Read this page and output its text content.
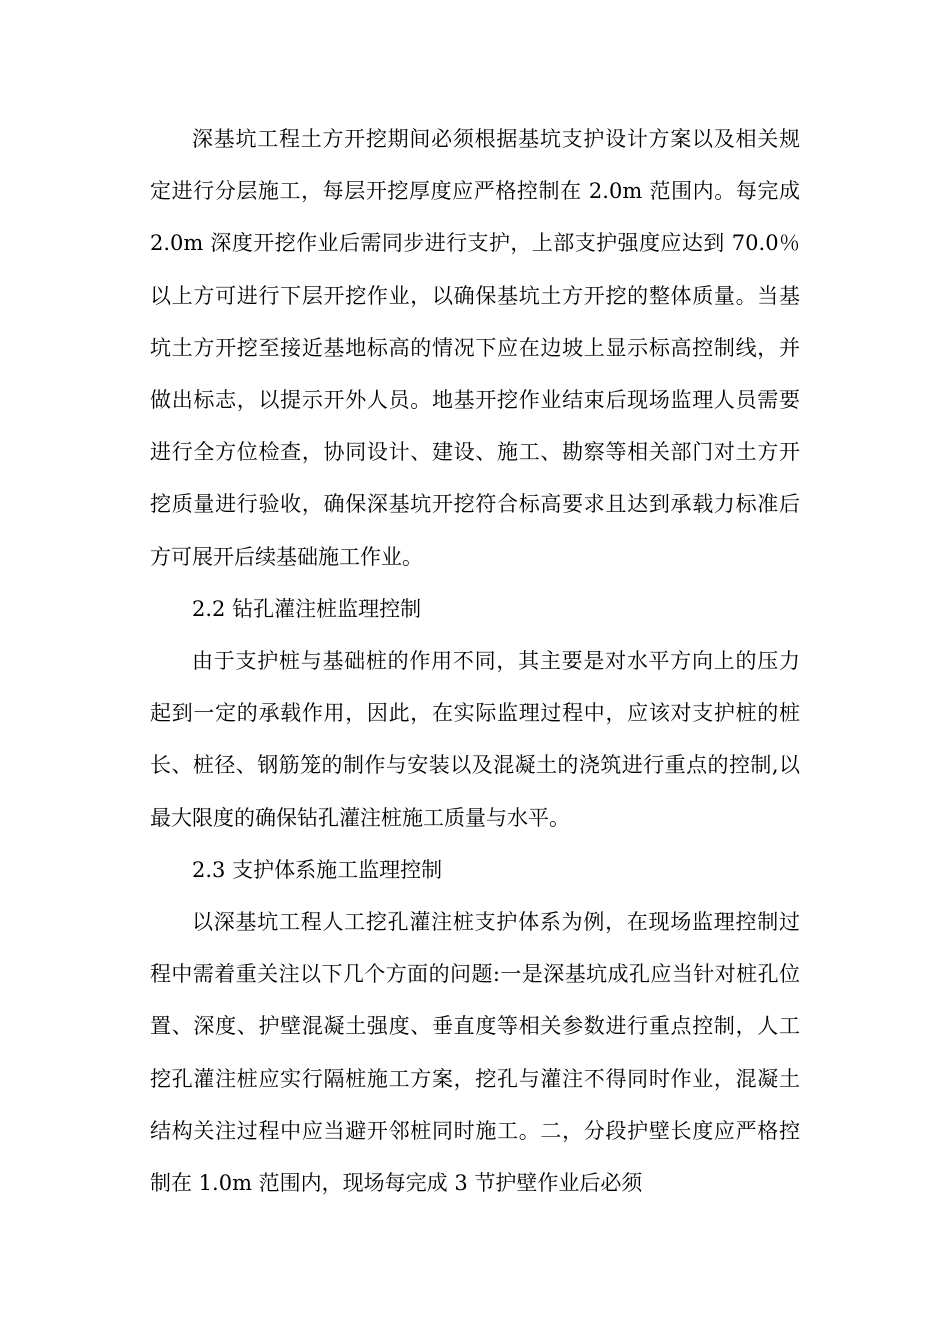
深基坑工程土方开挖期间必须根据基坑支护设计方案以及相关规定进行分层施工，每层开挖厚度应严格控制在 2.0m 范围内。每完成 2.0m 深度开挖作业后需同步进行支护，上部支护强度应达到 70.0％以上方可进行下层开挖作业，以确保基坑土方开挖的整体质量。当基坑土方开挖至接近基地标高的情况下应在边坡上显示标高控制线，并做出标志，以提示开外人员。地基开挖作业结束后现场监理人员需要进行全方位检查，协同设计、建设、施工、勘察等相关部门对土方开挖质量进行验收，确保深基坑开挖符合标高要求且达到承载力标准后方可展开后续基础施工作业。

2.2 钻孔灌注桩监理控制

由于支护桩与基础桩的作用不同，其主要是对水平方向上的压力起到一定的承载作用，因此，在实际监理过程中，应该对支护桩的桩长、桩径、钢筋笼的制作与安装以及混凝土的浇筑进行重点的控制,以最大限度的确保钻孔灌注桩施工质量与水平。

2.3 支护体系施工监理控制

以深基坑工程人工挖孔灌注桩支护体系为例，在现场监理控制过程中需着重关注以下几个方面的问题:一是深基坑成孔应当针对桩孔位置、深度、护壁混凝土强度、垂直度等相关参数进行重点控制，人工挖孔灌注桩应实行隔桩施工方案，挖孔与灌注不得同时作业，混凝土结构关注过程中应当避开邻桩同时施工。二，分段护壁长度应严格控制在 1.0m 范围内，现场每完成 3 节护壁作业后必须
